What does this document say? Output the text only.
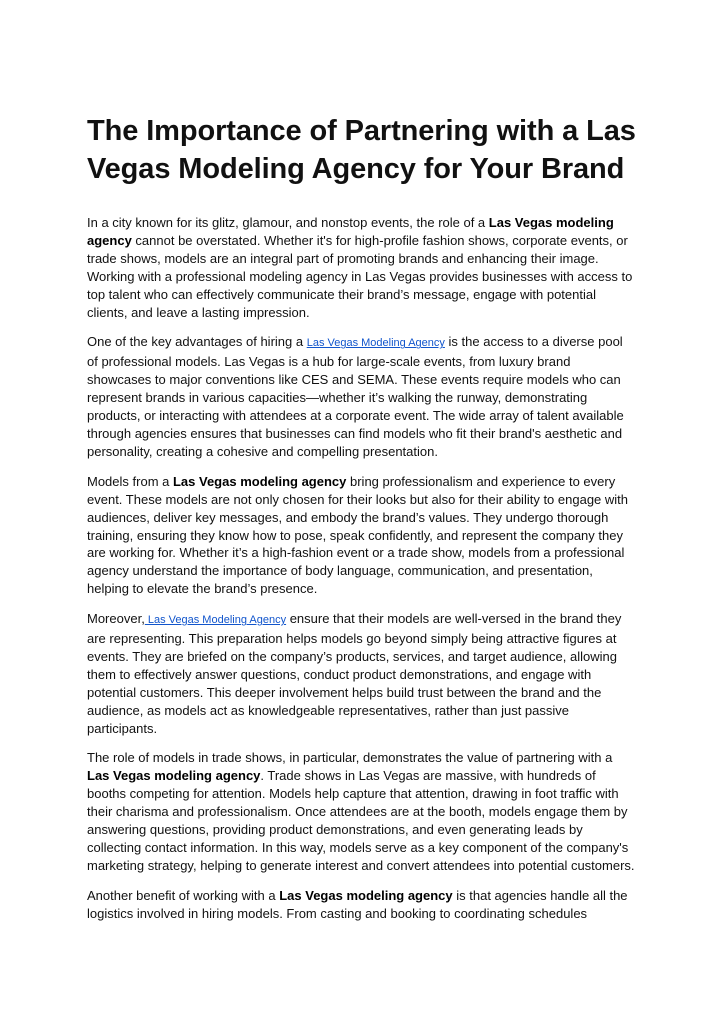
The Importance of Partnering with a Las Vegas Modeling Agency for Your Brand

In a city known for its glitz, glamour, and nonstop events, the role of a Las Vegas modeling agency cannot be overstated. Whether it's for high-profile fashion shows, corporate events, or trade shows, models are an integral part of promoting brands and enhancing their image. Working with a professional modeling agency in Las Vegas provides businesses with access to top talent who can effectively communicate their brand’s message, engage with potential clients, and leave a lasting impression.

One of the key advantages of hiring a Las Vegas Modeling Agency is the access to a diverse pool of professional models. Las Vegas is a hub for large-scale events, from luxury brand showcases to major conventions like CES and SEMA. These events require models who can represent brands in various capacities—whether it’s walking the runway, demonstrating products, or interacting with attendees at a corporate event. The wide array of talent available through agencies ensures that businesses can find models who fit their brand's aesthetic and personality, creating a cohesive and compelling presentation.

Models from a Las Vegas modeling agency bring professionalism and experience to every event. These models are not only chosen for their looks but also for their ability to engage with audiences, deliver key messages, and embody the brand’s values. They undergo thorough training, ensuring they know how to pose, speak confidently, and represent the company they are working for. Whether it’s a high-fashion event or a trade show, models from a professional agency understand the importance of body language, communication, and presentation, helping to elevate the brand’s presence.

Moreover, Las Vegas Modeling Agency ensure that their models are well-versed in the brand they are representing. This preparation helps models go beyond simply being attractive figures at events. They are briefed on the company’s products, services, and target audience, allowing them to effectively answer questions, conduct product demonstrations, and engage with potential customers. This deeper involvement helps build trust between the brand and the audience, as models act as knowledgeable representatives, rather than just passive participants.

The role of models in trade shows, in particular, demonstrates the value of partnering with a Las Vegas modeling agency. Trade shows in Las Vegas are massive, with hundreds of booths competing for attention. Models help capture that attention, drawing in foot traffic with their charisma and professionalism. Once attendees are at the booth, models engage them by answering questions, providing product demonstrations, and even generating leads by collecting contact information. In this way, models serve as a key component of the company's marketing strategy, helping to generate interest and convert attendees into potential customers.

Another benefit of working with a Las Vegas modeling agency is that agencies handle all the logistics involved in hiring models. From casting and booking to coordinating schedules
